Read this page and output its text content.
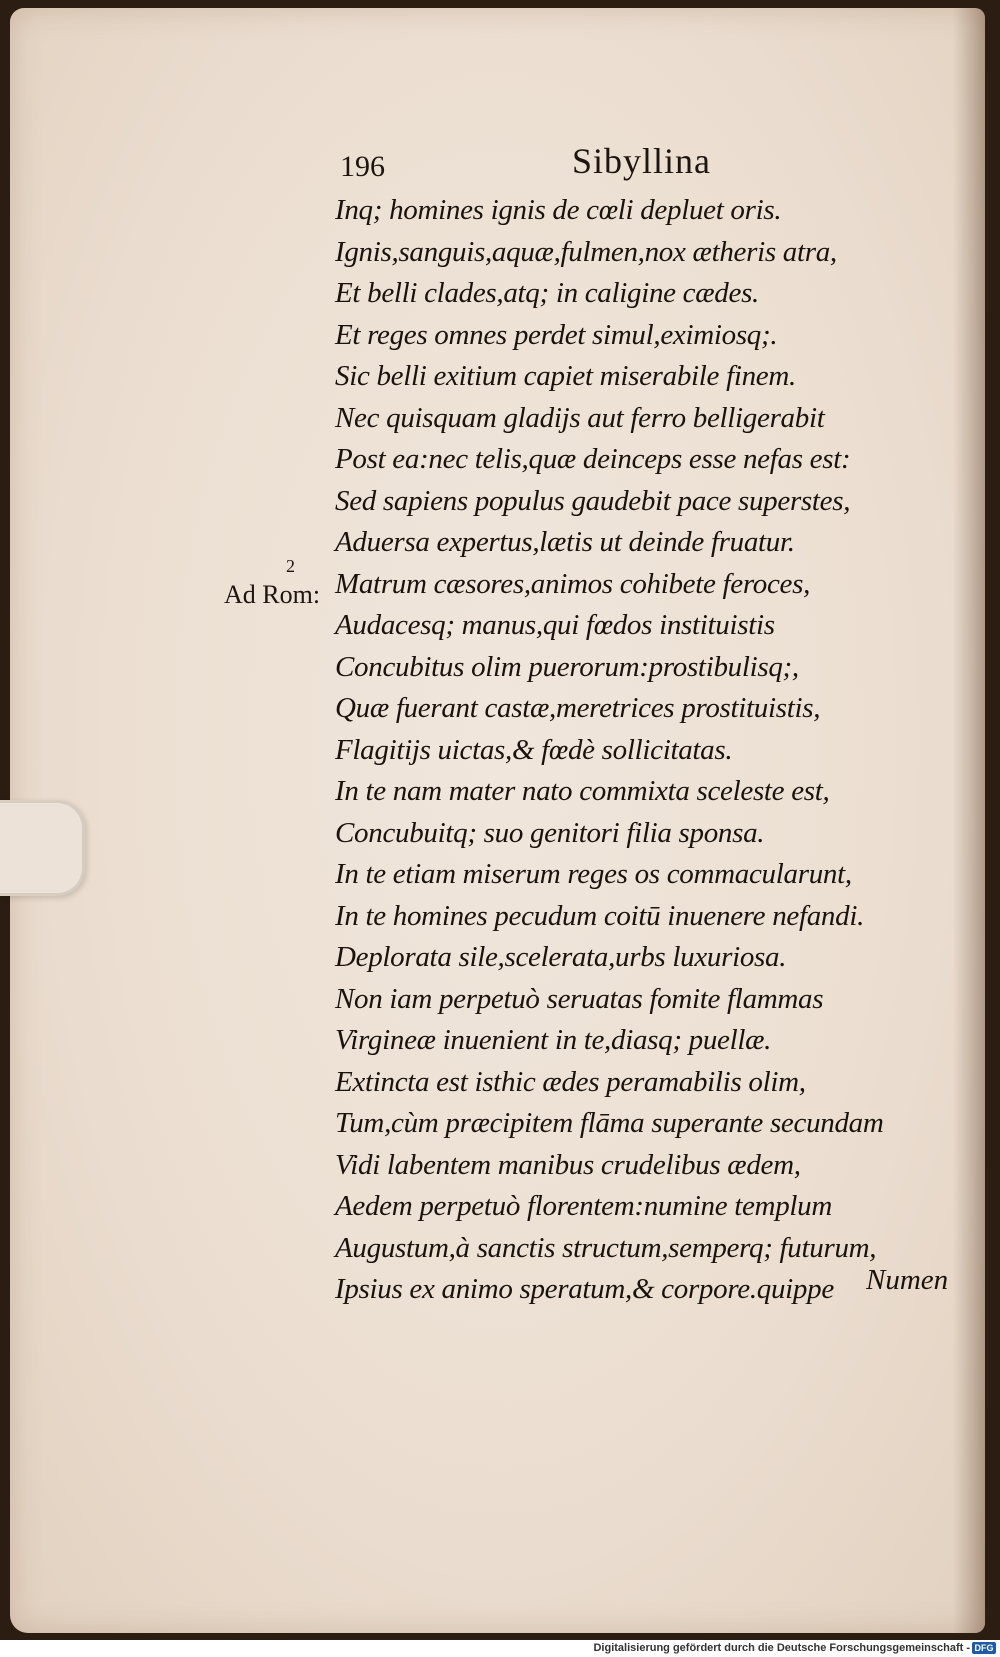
196	Sibyllina
2
Ad Rom:
Inq; homines ignis de cœli depluet oris.
Ignis,sanguis,aquæ,fulmen,nox ætheris atra,
Et belli clades,atq; in caligine cædes.
Et reges omnes perdet simul,eximiosq;.
Sic belli exitium capiet miserabile finem.
Nec quisquam gladijs aut ferro belligerabit
Post ea:nec telis,quæ deinceps esse nefas est:
Sed sapiens populus gaudebit pace superstes,
Aduersa expertus,lætis ut deinde fruatur.
Matrum cæsores,animos cohibete feroces,
Audacesq; manus,qui fœdos instituistis
Concubitus olim puerorum:prostibulisq;,
Quæ fuerant castæ,meretrices prostituistis,
Flagitijs uictas,& fœdè sollicitatas.
In te nam mater nato commixta sceleste est,
Concubuitq; suo genitori filia sponsa.
In te etiam miserum reges os commacularunt,
In te homines pecudum coitū inuenere nefandi.
Deplorata sile,scelerata,urbs luxuriosa.
Non iam perpetuò seruatas fomite flammas
Virgineæ inuenient in te,diasq; puellæ.
Extincta est isthic ædes peramabilis olim,
Tum,cùm præcipitem flāma superante secundam
Vidi labentem manibus crudelibus ædem,
Aedem perpetuò florentem:numine templum
Augustum,à sanctis structum,semperq; futurum,
Ipsius ex animo speratum,& corpore.quippe	Numen
Digitalisierung gefördert durch die Deutsche Forschungsgemeinschaft - DFG
